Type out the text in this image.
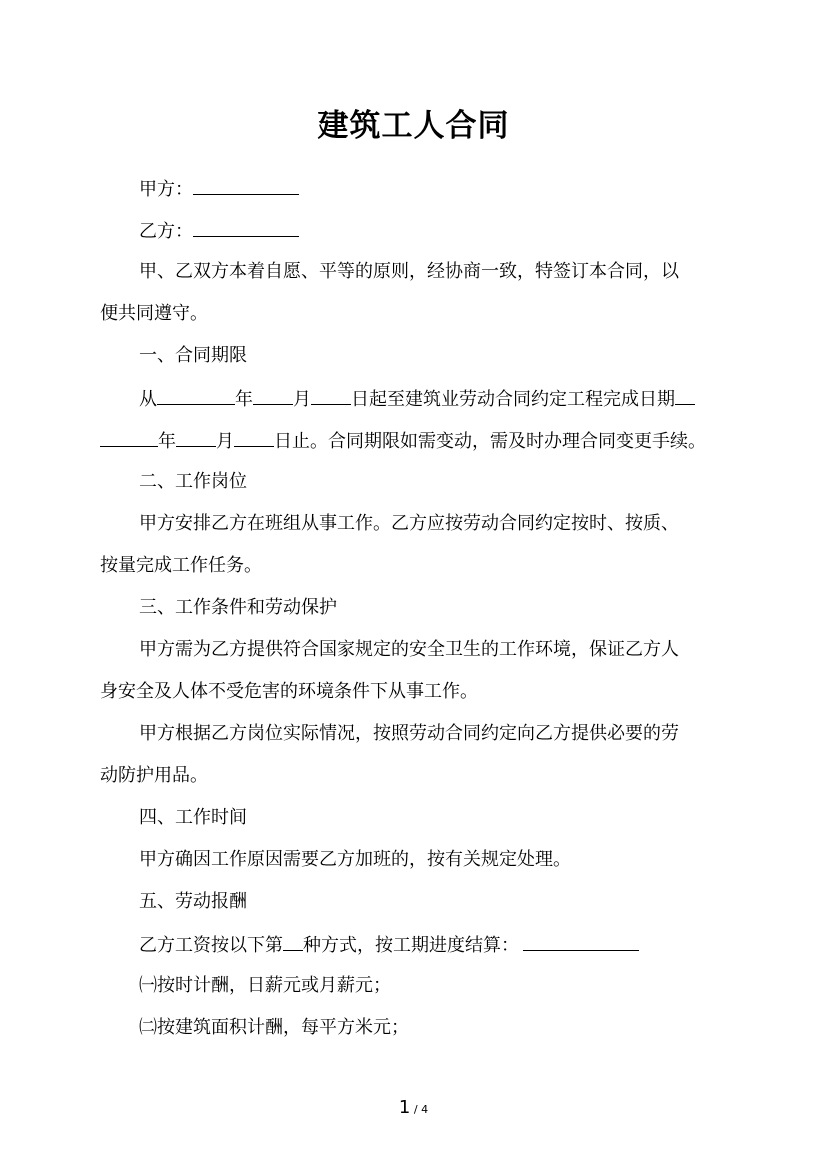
建筑工人合同
甲方：
乙方：
甲、乙双方本着自愿、平等的原则，经协商一致，特签订本合同，以
便共同遵守。
一、合同期限
从	年 月 日起至建筑业劳动合同约定工程完成日期
年 月 日止。合同期限如需变动，需及时办理合同变更手续。
二、工作岗位
甲方安排乙方在班组从事工作。乙方应按劳动合同约定按时、按质、
按量完成工作任务。
三、工作条件和劳动保护
甲方需为乙方提供符合国家规定的安全卫生的工作环境，保证乙方人
身安全及人体不受危害的环境条件下从事工作。
甲方根据乙方岗位实际情况，按照劳动合同约定向乙方提供必要的劳
动防护用品。
四、工作时间
甲方确因工作原因需要乙方加班的，按有关规定处理。
五、劳动报酬
乙方工资按以下第 种方式，按工期进度结算：
㈠按时计酬，日薪元或月薪元；
㈡按建筑面积计酬，每平方米元；
1 / 4
